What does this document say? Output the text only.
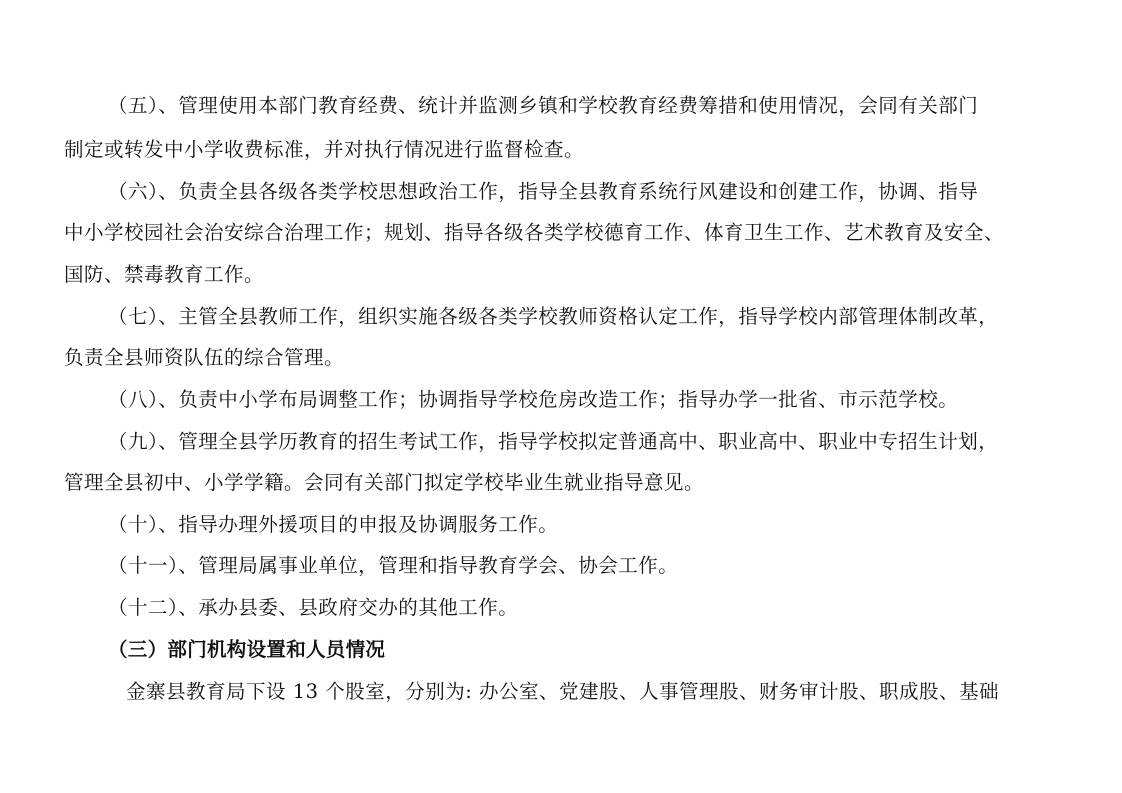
（五）、管理使用本部门教育经费、统计并监测乡镇和学校教育经费筹措和使用情况，会同有关部门
制定或转发中小学收费标准，并对执行情况进行监督检查。
（六）、负责全县各级各类学校思想政治工作，指导全县教育系统行风建设和创建工作，协调、指导
中小学校园社会治安综合治理工作；规划、指导各级各类学校德育工作、体育卫生工作、艺术教育及安全、
国防、禁毒教育工作。
（七）、主管全县教师工作，组织实施各级各类学校教师资格认定工作，指导学校内部管理体制改革，
负责全县师资队伍的综合管理。
（八）、负责中小学布局调整工作；协调指导学校危房改造工作；指导办学一批省、市示范学校。
（九）、管理全县学历教育的招生考试工作，指导学校拟定普通高中、职业高中、职业中专招生计划，
管理全县初中、小学学籍。会同有关部门拟定学校毕业生就业指导意见。
（十）、指导办理外援项目的申报及协调服务工作。
（十一）、管理局属事业单位，管理和指导教育学会、协会工作。
（十二）、承办县委、县政府交办的其他工作。
（三）部门机构设置和人员情况
金寨县教育局下设 13 个股室，分别为: 办公室、党建股、人事管理股、财务审计股、职成股、基础
